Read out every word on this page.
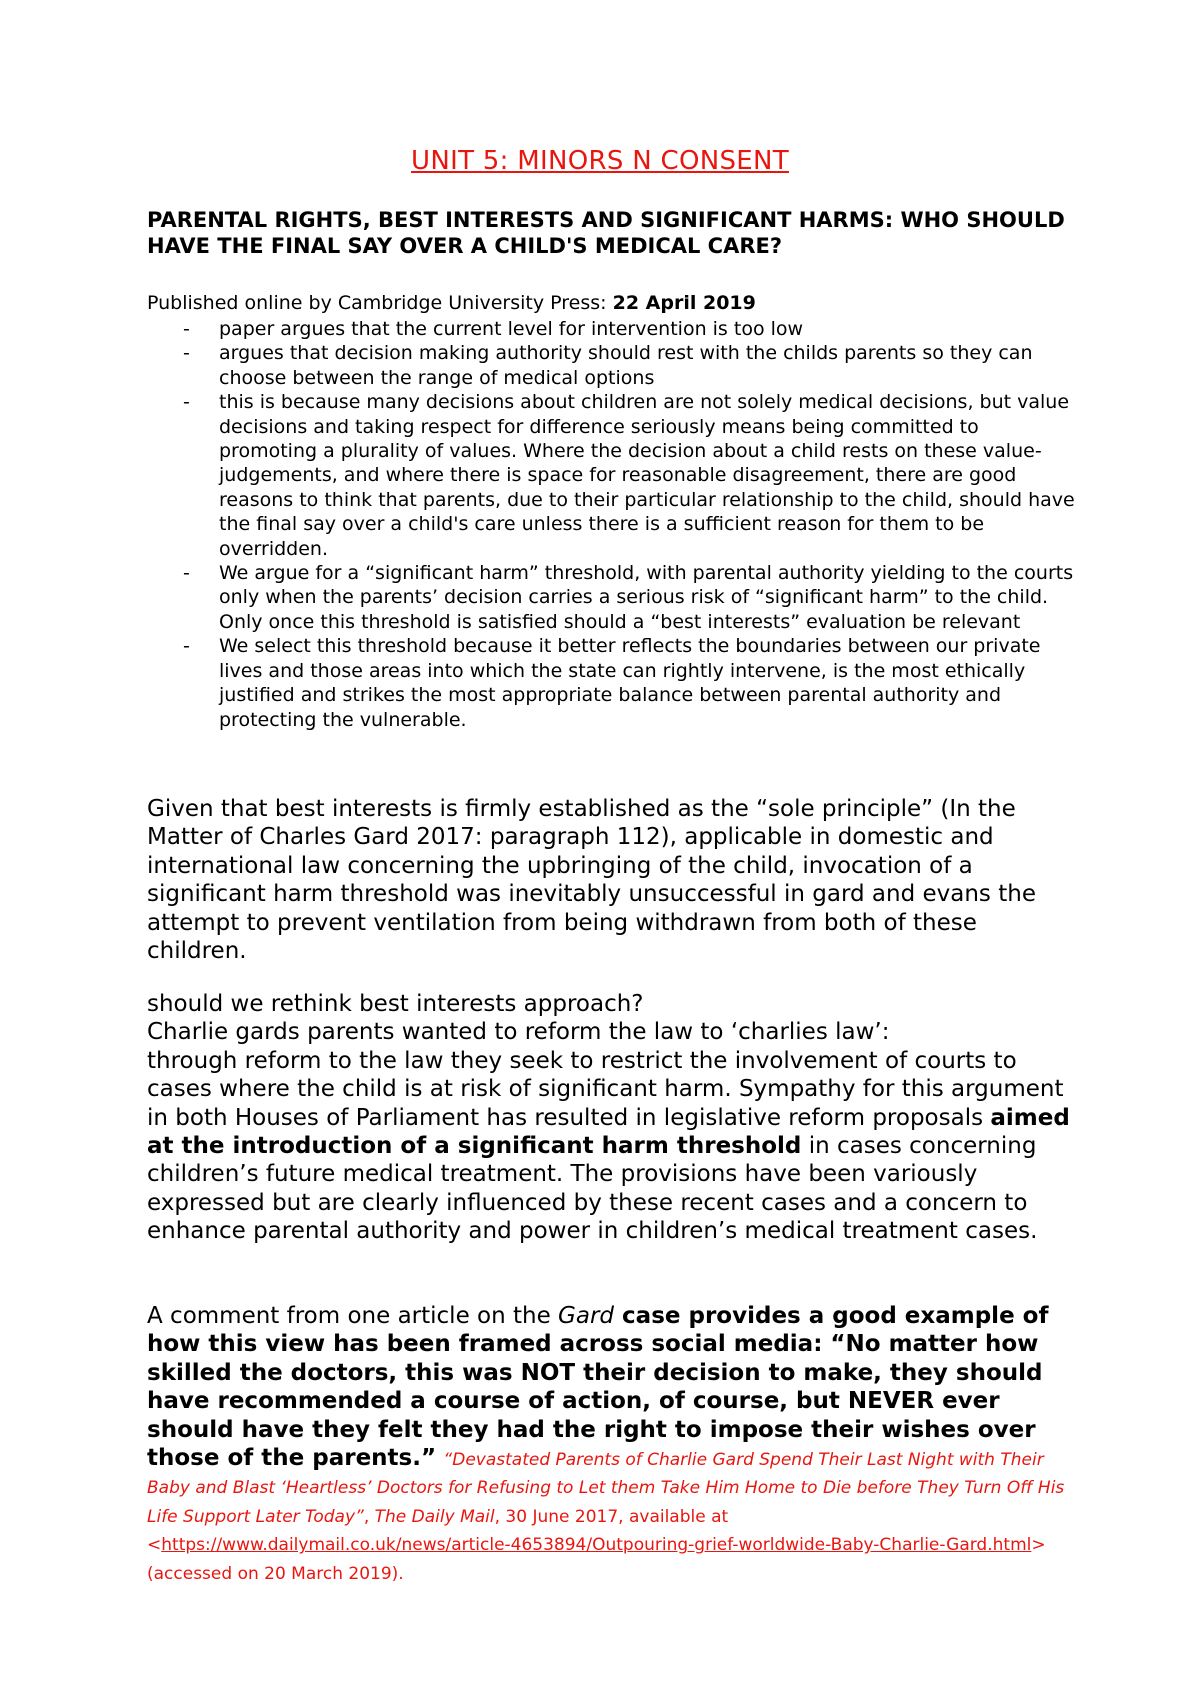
UNIT 5: MINORS N CONSENT
PARENTAL RIGHTS, BEST INTERESTS AND SIGNIFICANT HARMS: WHO SHOULD HAVE THE FINAL SAY OVER A CHILD'S MEDICAL CARE?
Published online by Cambridge University Press: 22 April 2019
- paper argues that the current level for intervention is too low
- argues that decision making authority should rest with the childs parents so they can choose between the range of medical options
- this is because many decisions about children are not solely medical decisions, but value decisions and taking respect for difference seriously means being committed to promoting a plurality of values. Where the decision about a child rests on these value-judgements, and where there is space for reasonable disagreement, there are good reasons to think that parents, due to their particular relationship to the child, should have the final say over a child's care unless there is a sufficient reason for them to be overridden.
- We argue for a “significant harm” threshold, with parental authority yielding to the courts only when the parents’ decision carries a serious risk of “significant harm” to the child. Only once this threshold is satisfied should a “best interests” evaluation be relevant
- We select this threshold because it better reflects the boundaries between our private lives and those areas into which the state can rightly intervene, is the most ethically justified and strikes the most appropriate balance between parental authority and protecting the vulnerable.
Given that best interests is firmly established as the “sole principle” (In the Matter of Charles Gard 2017: paragraph 112), applicable in domestic and international law concerning the upbringing of the child, invocation of a significant harm threshold was inevitably unsuccessful in gard and evans the attempt to prevent ventilation from being withdrawn from both of these children.
should we rethink best interests approach?
Charlie gards parents wanted to reform the law to ‘charlies law’:
through reform to the law they seek to restrict the involvement of courts to cases where the child is at risk of significant harm. Sympathy for this argument in both Houses of Parliament has resulted in legislative reform proposals aimed at the introduction of a significant harm threshold in cases concerning children’s future medical treatment. The provisions have been variously expressed but are clearly influenced by these recent cases and a concern to enhance parental authority and power in children’s medical treatment cases.
A comment from one article on the Gard case provides a good example of how this view has been framed across social media: “No matter how skilled the doctors, this was NOT their decision to make, they should have recommended a course of action, of course, but NEVER ever should have they felt they had the right to impose their wishes over those of the parents.” “Devastated Parents of Charlie Gard Spend Their Last Night with Their Baby and Blast ‘Heartless’ Doctors for Refusing to Let them Take Him Home to Die before They Turn Off His Life Support Later Today”, The Daily Mail, 30 June 2017, available at <https://www.dailymail.co.uk/news/article-4653894/Outpouring-grief-worldwide-Baby-Charlie-Gard.html> (accessed on 20 March 2019).
